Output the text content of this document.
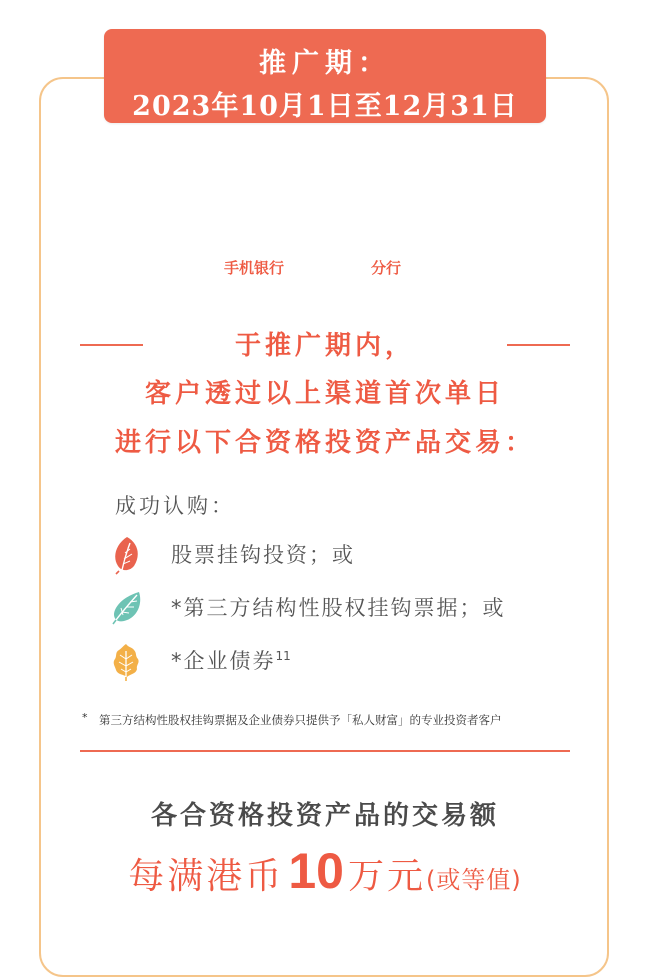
推广期：
2023年10月1日至12月31日
手机银行	分行
于推广期内，
客户透过以上渠道首次单日
进行以下合资格投资产品交易：
成功认购：
股票挂钩投资；或
*第三方结构性股权挂钩票据；或
*企业债券$^{11}$
* 第三方结构性股权挂钩票据及企业债券只提供予「私人财富」的专业投资者客户
各合资格投资产品的交易额
每满港币10 万元(或等值)
